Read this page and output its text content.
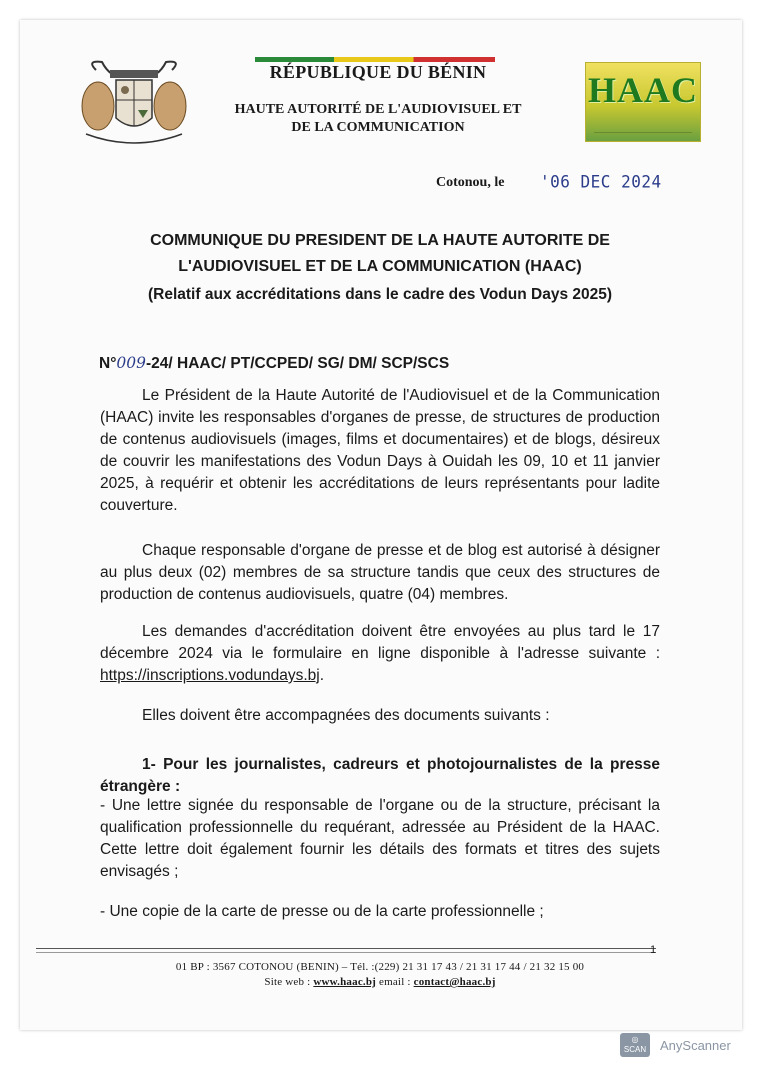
RÉPUBLIQUE DU BÉNIN
HAUTE AUTORITÉ DE L'AUDIOVISUEL ET
DE LA COMMUNICATION
HAAC
Cotonou, le '06 DEC 2024
COMMUNIQUE DU PRESIDENT DE LA HAUTE AUTORITE DE
L'AUDIOVISUEL ET DE LA COMMUNICATION (HAAC)
(Relatif aux accréditations dans le cadre des Vodun Days 2025)
N°009-24/ HAAC/ PT/CCPED/ SG/ DM/ SCP/SCS

Le Président de la Haute Autorité de l'Audiovisuel et de la Communication (HAAC) invite les responsables d'organes de presse, de structures de production de contenus audiovisuels (images, films et documentaires) et de blogs, désireux de couvrir les manifestations des Vodun Days à Ouidah les 09, 10 et 11 janvier 2025, à requérir et obtenir les accréditations de leurs représentants pour ladite couverture.

Chaque responsable d'organe de presse et de blog est autorisé à désigner au plus deux (02) membres de sa structure tandis que ceux des structures de production de contenus audiovisuels, quatre (04) membres.

Les demandes d'accréditation doivent être envoyées au plus tard le 17 décembre 2024 via le formulaire en ligne disponible à l'adresse suivante : https://inscriptions.vodundays.bj.

Elles doivent être accompagnées des documents suivants :

1- Pour les journalistes, cadreurs et photojournalistes de la presse étrangère :

- Une lettre signée du responsable de l'organe ou de la structure, précisant la qualification professionnelle du requérant, adressée au Président de la HAAC. Cette lettre doit également fournir les détails des formats et titres des sujets envisagés ;

- Une copie de la carte de presse ou de la carte professionnelle ;

1
01 BP : 3567 COTONOU (BENIN) – Tél. :(229) 21 31 17 43 / 21 31 17 44 / 21 32 15 00
Site web : www.haac.bj email : contact@haac.bj
◎
SCAN AnyScanner
